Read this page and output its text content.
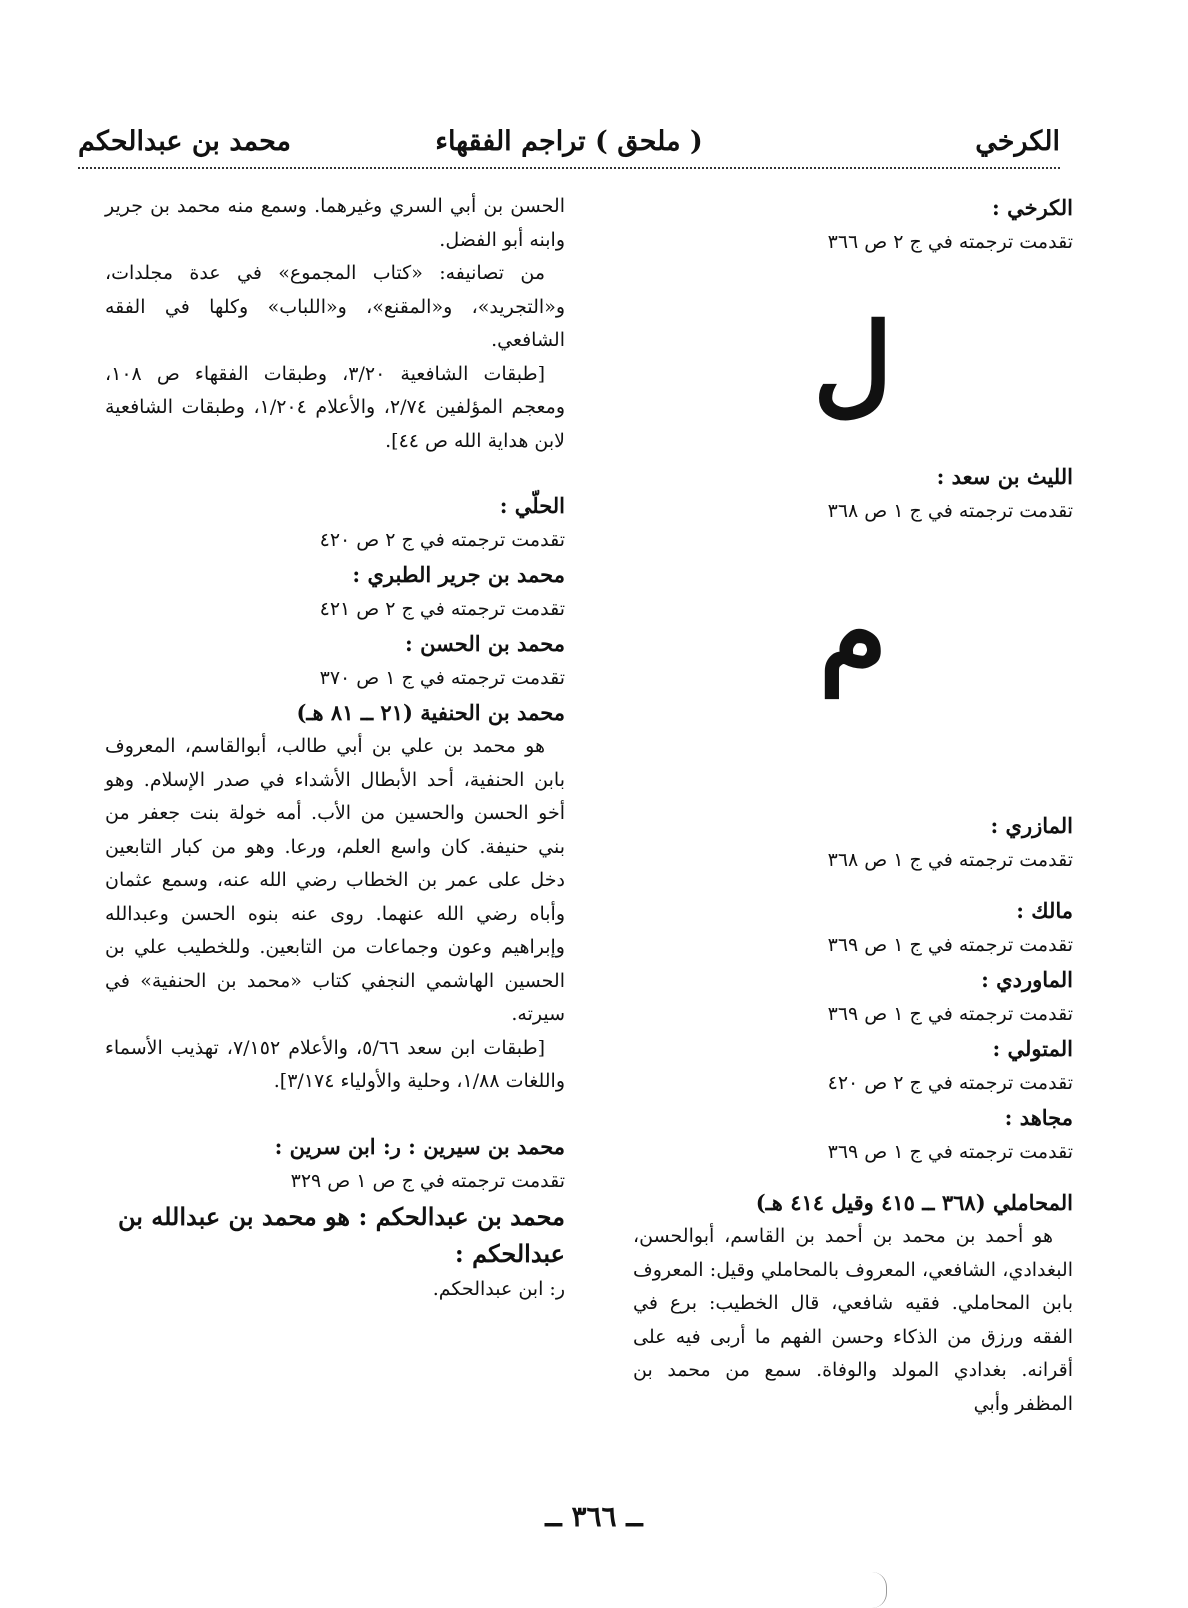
الكرخي
( ملحق ) تراجم الفقهاء
محمد بن عبدالحكم
الكرخي :
تقدمت ترجمته في ج ٢ ص ٣٦٦
ل
الليث بن سعد :
تقدمت ترجمته في ج ١ ص ٣٦٨
م
المازري :
تقدمت ترجمته في ج ١ ص ٣٦٨
مالك :
تقدمت ترجمته في ج ١ ص ٣٦٩
الماوردي :
تقدمت ترجمته في ج ١ ص ٣٦٩
المتولي :
تقدمت ترجمته في ج ٢ ص ٤٢٠
مجاهد :
تقدمت ترجمته في ج ١ ص ٣٦٩
المحاملي (٣٦٨ ــ ٤١٥ وقيل ٤١٤ هـ)
هو أحمد بن محمد بن أحمد بن القاسم، أبوالحسن، البغدادي، الشافعي، المعروف بالمحاملي وقيل: المعروف بابن المحاملي. فقيه شافعي، قال الخطيب: برع في الفقه ورزق من الذكاء وحسن الفهم ما أربى فيه على أقرانه. بغدادي المولد والوفاة. سمع من محمد بن المظفر وأبي
الحسن بن أبي السري وغيرهما. وسمع منه محمد بن جرير وابنه أبو الفضل.
من تصانيفه: «كتاب المجموع» في عدة مجلدات، و«التجريد»، و«المقنع»، و«اللباب» وكلها في الفقه الشافعي.
[طبقات الشافعية ٣/٢٠، وطبقات الفقهاء ص ١٠٨، ومعجم المؤلفين ٢/٧٤، والأعلام ١/٢٠٤، وطبقات الشافعية لابن هداية الله ص ٤٤].
الحلّي :
تقدمت ترجمته في ج ٢ ص ٤٢٠
محمد بن جرير الطبري :
تقدمت ترجمته في ج ٢ ص ٤٢١
محمد بن الحسن :
تقدمت ترجمته في ج ١ ص ٣٧٠
محمد بن الحنفية (٢١ ــ ٨١ هـ)
هو محمد بن علي بن أبي طالب، أبوالقاسم، المعروف بابن الحنفية، أحد الأبطال الأشداء في صدر الإسلام. وهو أخو الحسن والحسين من الأب. أمه خولة بنت جعفر من بني حنيفة. كان واسع العلم، ورعا. وهو من كبار التابعين دخل على عمر بن الخطاب رضي الله عنه، وسمع عثمان وأباه رضي الله عنهما. روى عنه بنوه الحسن وعبدالله وإبراهيم وعون وجماعات من التابعين. وللخطيب علي بن الحسين الهاشمي النجفي كتاب «محمد بن الحنفية» في سيرته.
[طبقات ابن سعد ٥/٦٦، والأعلام ٧/١٥٢، تهذيب الأسماء واللغات ١/٨٨، وحلية والأولياء ٣/١٧٤].
محمد بن سيرين : ر: ابن سرين :
تقدمت ترجمته في ج ص ١ ص ٣٢٩
محمد بن عبدالحكم : هو محمد بن عبدالله بن عبدالحكم :
ر: ابن عبدالحكم.
ــ ٣٦٦ ــ
